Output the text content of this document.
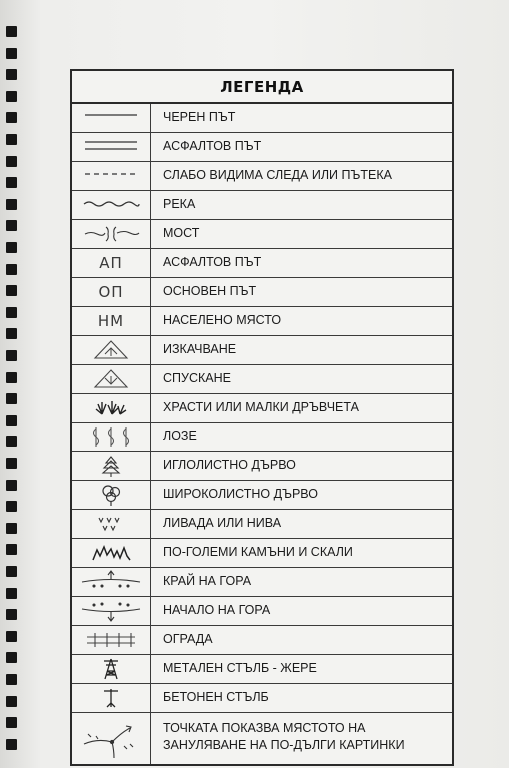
ЛЕГЕНДА
ЧЕРЕН ПЪТ
АСФАЛТОВ ПЪТ
СЛАБО ВИДИМА СЛЕДА ИЛИ ПЪТЕКА
РЕКА
МОСТ
АП	АСФАЛТОВ ПЪТ
ОП	ОСНОВЕН ПЪТ
НМ	НАСЕЛЕНО МЯСТО
ИЗКАЧВАНЕ
СПУСКАНЕ
ХРАСТИ ИЛИ МАЛКИ ДРЪВЧЕТА
ЛОЗЕ
ИГЛОЛИСТНО ДЪРВО
ШИРОКОЛИСТНО ДЪРВО
ЛИВАДА ИЛИ НИВА
ПО-ГОЛЕМИ КАМЪНИ И СКАЛИ
КРАЙ НА ГОРА
НАЧАЛО НА ГОРА
ОГРАДА
МЕТАЛЕН СТЪЛБ - ЖЕРЕ
БЕТОНЕН СТЪЛБ
ТОЧКАТА ПОКАЗВА МЯСТОТО НА
ЗАНУЛЯВАНЕ НА ПО-ДЪЛГИ КАРТИНКИ
